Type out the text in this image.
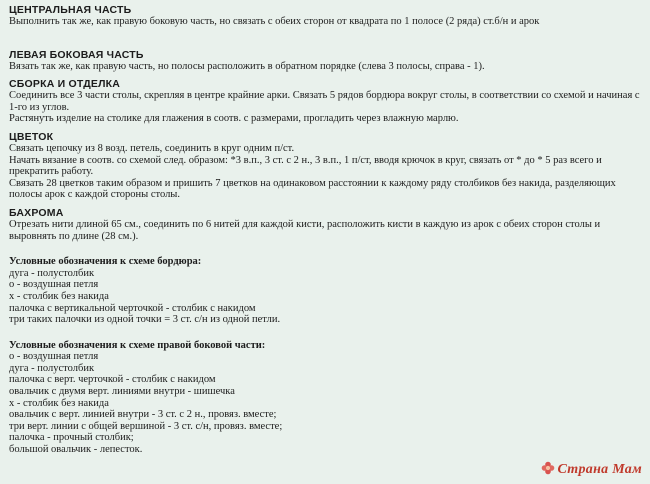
ЦЕНТРАЛЬНАЯ ЧАСТЬ
Выполнить так же, как правую боковую часть, но связать с обеих сторон от квадрата по 1 полосе (2 ряда) ст.б/н и арок
ЛЕВАЯ БОКОВАЯ ЧАСТЬ
Вязать так же, как правую часть, но полосы расположить в обратном порядке (слева 3 полосы, справа - 1).
СБОРКА И ОТДЕЛКА
Соединить все 3 части столы, скрепляя в центре крайние арки. Связать 5 рядов бордюра вокруг столы, в соответствии со схемой и начиная с
1-го из углов.
Растянуть изделие на столике для глажения в соотв. с размерами, прогладить через влажную марлю.
ЦВЕТОК
Связать цепочку из 8 возд. петель, соединить в круг одним п/ст.
Начать вязание в соотв. со схемой след. образом: *3 в.п., 3 ст. с 2 н., 3 в.п., 1 п/ст, вводя крючок в круг, связать от * до * 5 раз всего и
прекратить работу.
Связать 28 цветков таким образом и пришить 7 цветков на одинаковом расстоянии к каждому ряду столбиков без накида, разделяющих
полосы арок с каждой стороны столы.
БАХРОМА
Отрезать нити длиной 65 см., соединить по 6 нитей для каждой кисти, расположить кисти в каждую из арок с обеих сторон столы и
выровнять по длине (28 см.).
Условные обозначения к схеме бордюра:
дуга - полустолбик
о - воздушная петля
х - столбик без накида
палочка с вертикальной черточкой - столбик с накидом
три таких палочки из одной точки = 3 ст. с/н из одной петли.
Условные обозначения к схеме правой боковой части:
о - воздушная петля
дуга - полустолбик
палочка с верт. черточкой - столбик с накидом
овальчик с двумя верт. линиями внутри - шишечка
х - столбик без накида
овальчик с верт. линией внутри - 3 ст. с 2 н., провяз. вместе;
три верт. линии с общей вершиной - 3 ст. с/н, провяз. вместе;
палочка - прочный столбик;
большой овальчик - лепесток.
Страна Мам
